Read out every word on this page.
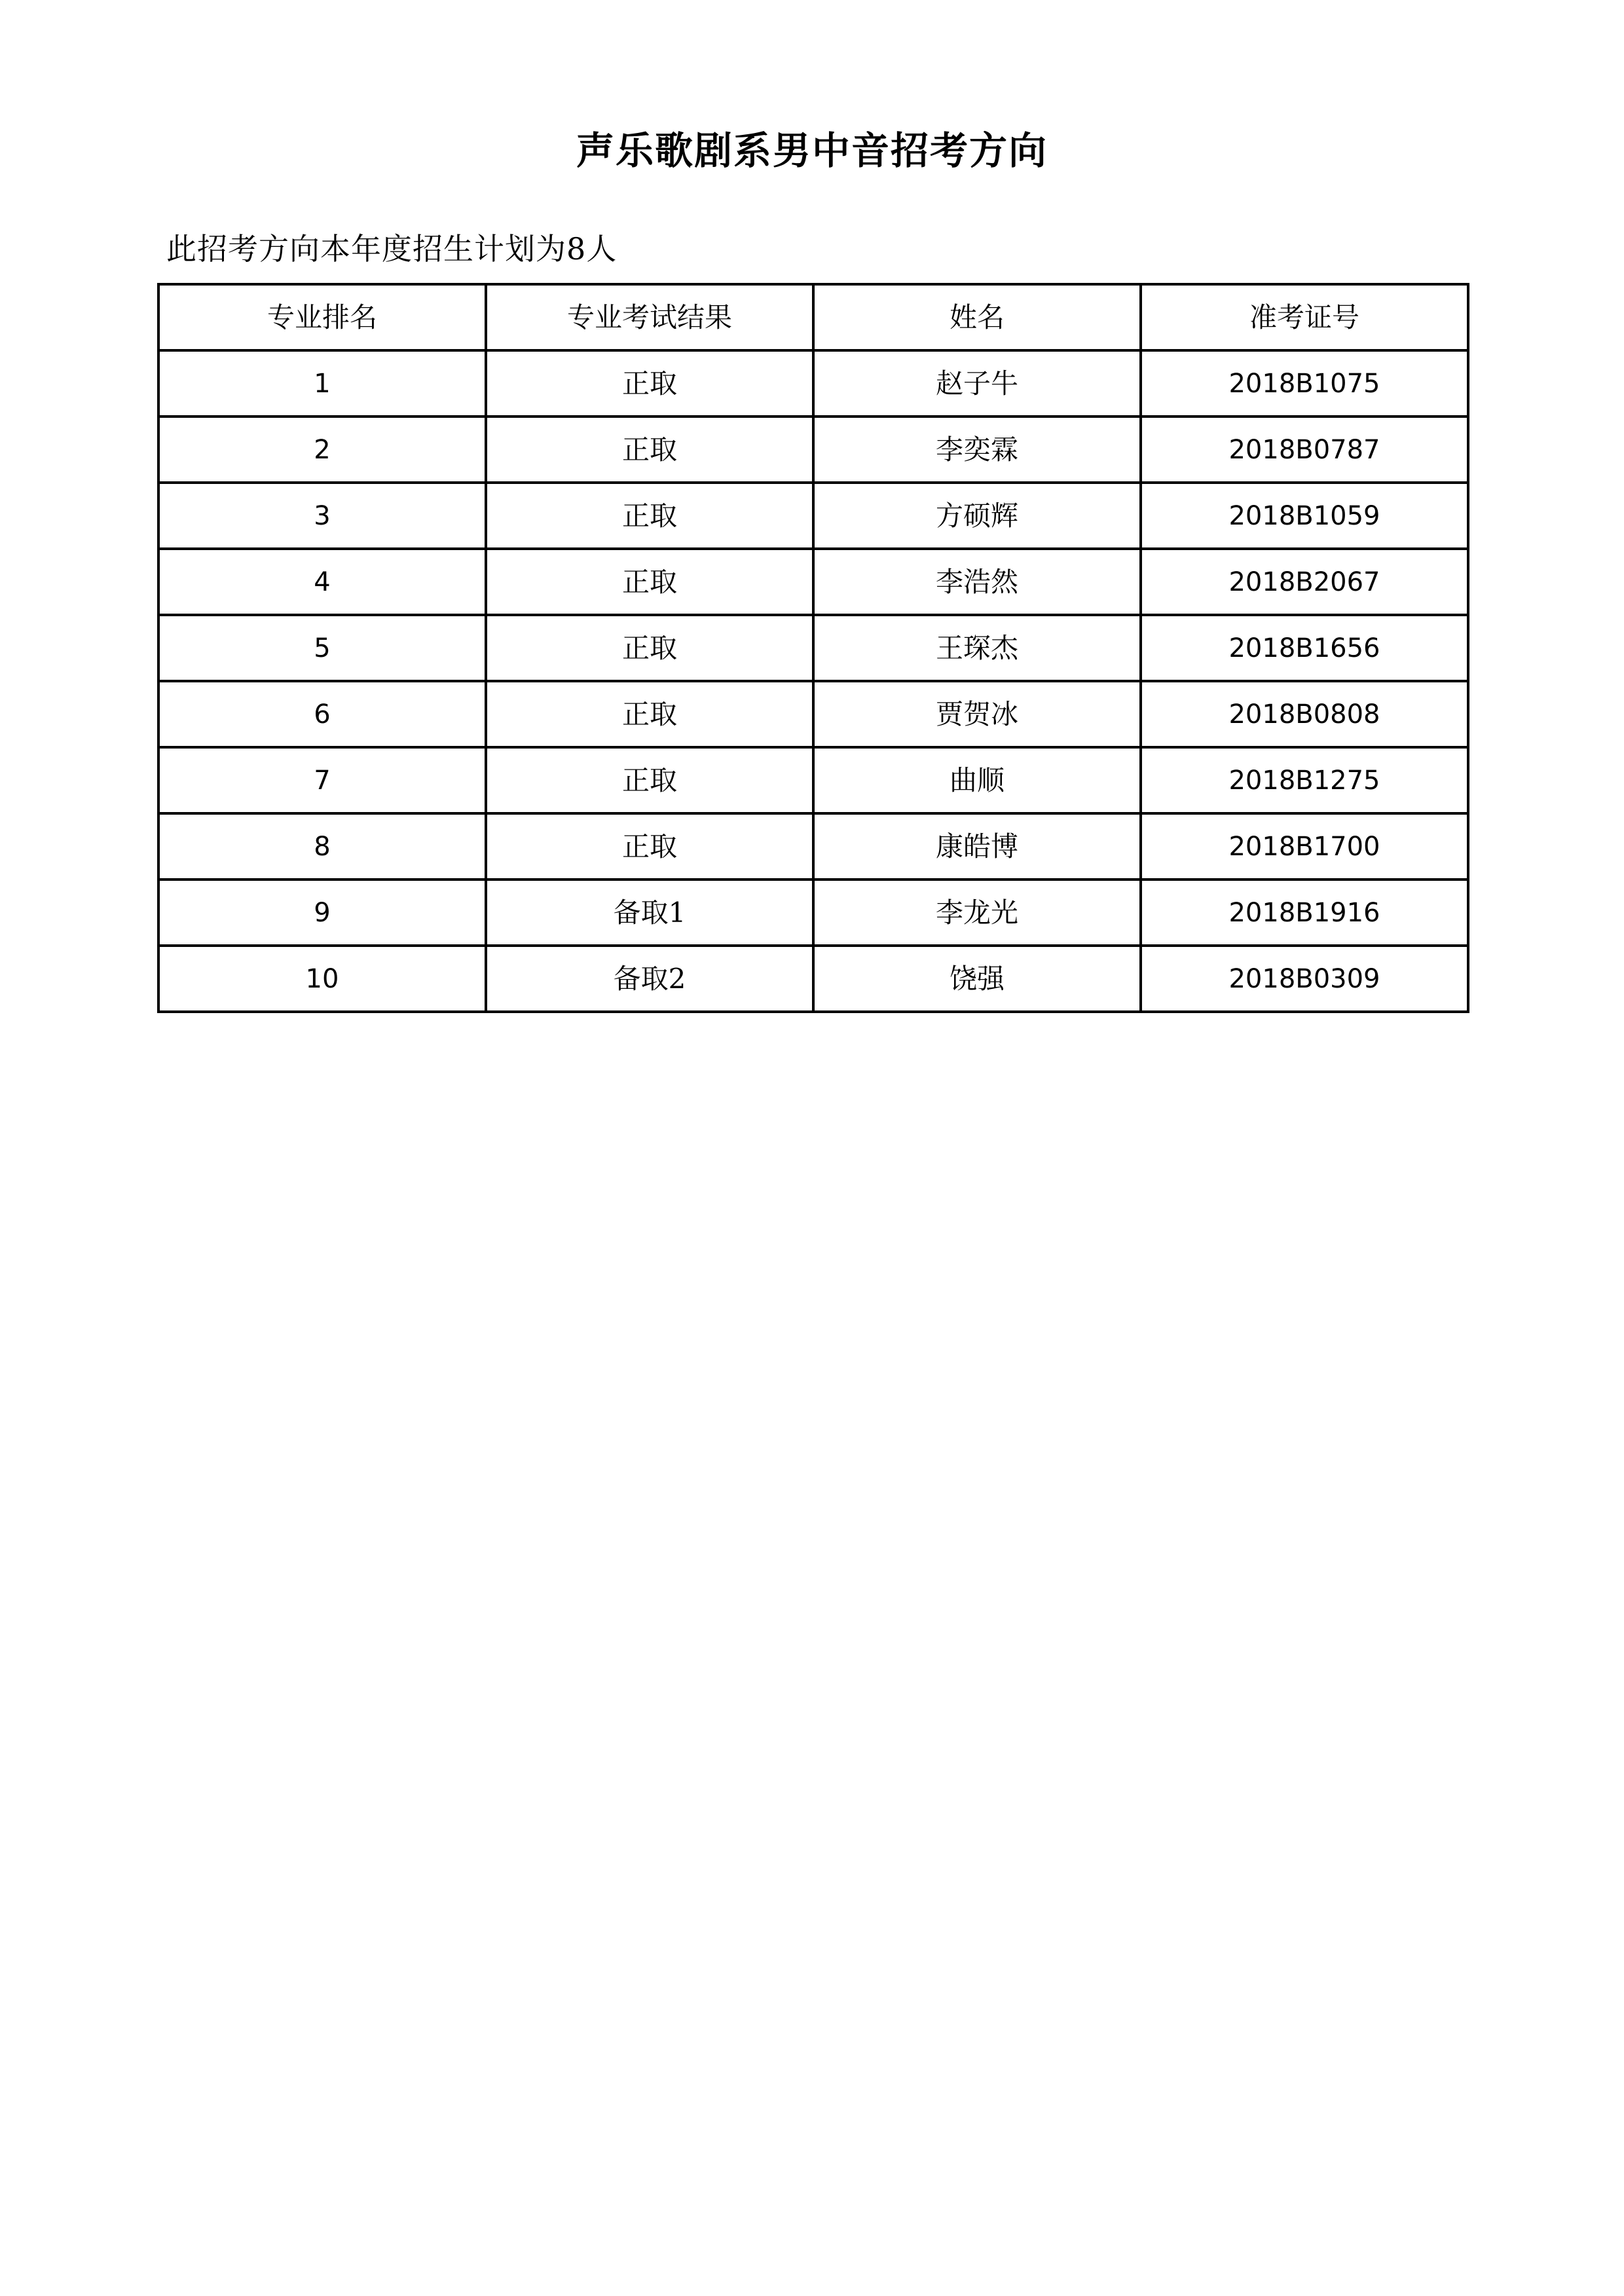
声乐歌剧系男中音招考方向
此招考方向本年度招生计划为8人
专业排名	专业考试结果	姓名	准考证号
1	正取	赵子牛	2018B1075
2	正取	李奕霖	2018B0787
3	正取	方硕辉	2018B1059
4	正取	李浩然	2018B2067
5	正取	王琛杰	2018B1656
6	正取	贾贺冰	2018B0808
7	正取	曲顺	2018B1275
8	正取	康皓博	2018B1700
9	备取1	李龙光	2018B1916
10	备取2	饶强	2018B0309
